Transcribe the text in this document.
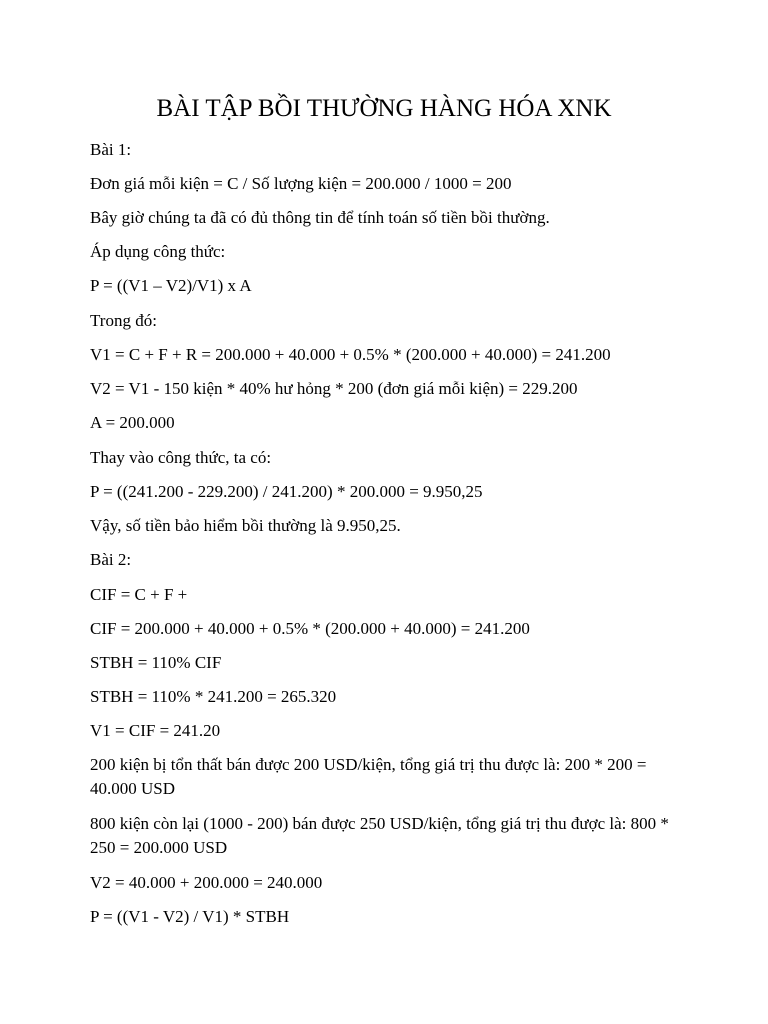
BÀI TẬP BỒI THƯỜNG HÀNG HÓA XNK

Bài 1:

Đơn giá mỗi kiện = C / Số lượng kiện = 200.000 / 1000 = 200

Bây giờ chúng ta đã có đủ thông tin để tính toán số tiền bồi thường.

Áp dụng công thức:

P = ((V1 – V2)/V1) x A

Trong đó:

V1 = C + F + R = 200.000 + 40.000 + 0.5% * (200.000 + 40.000) = 241.200

V2 = V1 - 150 kiện * 40% hư hỏng * 200 (đơn giá mỗi kiện) = 229.200

A = 200.000

Thay vào công thức, ta có:

P = ((241.200 - 229.200) / 241.200) * 200.000 = 9.950,25

Vậy, số tiền bảo hiểm bồi thường là 9.950,25.

Bài 2:

CIF = C + F +

CIF = 200.000 + 40.000 + 0.5% * (200.000 + 40.000) = 241.200

STBH = 110% CIF

STBH = 110% * 241.200 = 265.320

V1 = CIF = 241.20

200 kiện bị tổn thất bán được 200 USD/kiện, tổng giá trị thu được là: 200 * 200 = 40.000 USD

800 kiện còn lại (1000 - 200) bán được 250 USD/kiện, tổng giá trị thu được là: 800 * 250 = 200.000 USD

V2 = 40.000 + 200.000 = 240.000

P = ((V1 - V2) / V1) * STBH
